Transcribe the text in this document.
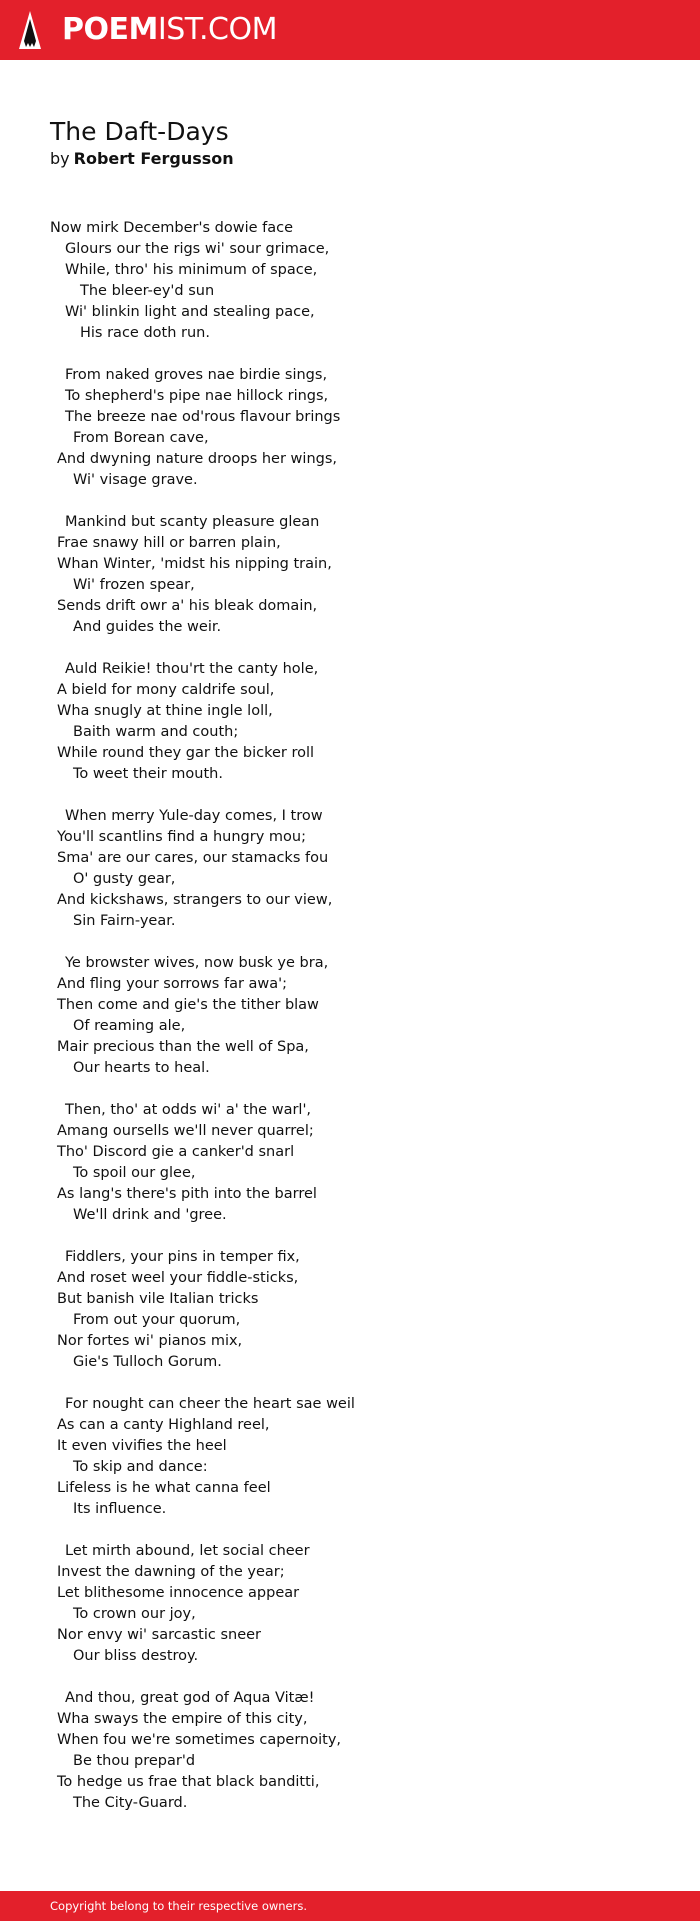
POEMIST.COM
The Daft-Days
by Robert Fergusson
Now mirk December's dowie face
Glours our the rigs wi' sour grimace,
While, thro' his minimum of space,
The bleer-ey'd sun
Wi' blinkin light and stealing pace,
His race doth run.
From naked groves nae birdie sings,
To shepherd's pipe nae hillock rings,
The breeze nae od'rous flavour brings
From Borean cave,
And dwyning nature droops her wings,
Wi' visage grave.
Mankind but scanty pleasure glean
Frae snawy hill or barren plain,
Whan Winter, 'midst his nipping train,
Wi' frozen spear,
Sends drift owr a' his bleak domain,
And guides the weir.
Auld Reikie! thou'rt the canty hole,
A bield for mony caldrife soul,
Wha snugly at thine ingle loll,
Baith warm and couth;
While round they gar the bicker roll
To weet their mouth.
When merry Yule-day comes, I trow
You'll scantlins find a hungry mou;
Sma' are our cares, our stamacks fou
O' gusty gear,
And kickshaws, strangers to our view,
Sin Fairn-year.
Ye browster wives, now busk ye bra,
And fling your sorrows far awa';
Then come and gie's the tither blaw
Of reaming ale,
Mair precious than the well of Spa,
Our hearts to heal.
Then, tho' at odds wi' a' the warl',
Amang oursells we'll never quarrel;
Tho' Discord gie a canker'd snarl
To spoil our glee,
As lang's there's pith into the barrel
We'll drink and 'gree.
Fiddlers, your pins in temper fix,
And roset weel your fiddle-sticks,
But banish vile Italian tricks
From out your quorum,
Nor fortes wi' pianos mix,
Gie's Tulloch Gorum.
For nought can cheer the heart sae weil
As can a canty Highland reel,
It even vivifies the heel
To skip and dance:
Lifeless is he what canna feel
Its influence.
Let mirth abound, let social cheer
Invest the dawning of the year;
Let blithesome innocence appear
To crown our joy,
Nor envy wi' sarcastic sneer
Our bliss destroy.
And thou, great god of Aqua Vitæ!
Wha sways the empire of this city,
When fou we're sometimes capernoity,
Be thou prepar'd
To hedge us frae that black banditti,
The City-Guard.
Copyright belong to their respective owners.
